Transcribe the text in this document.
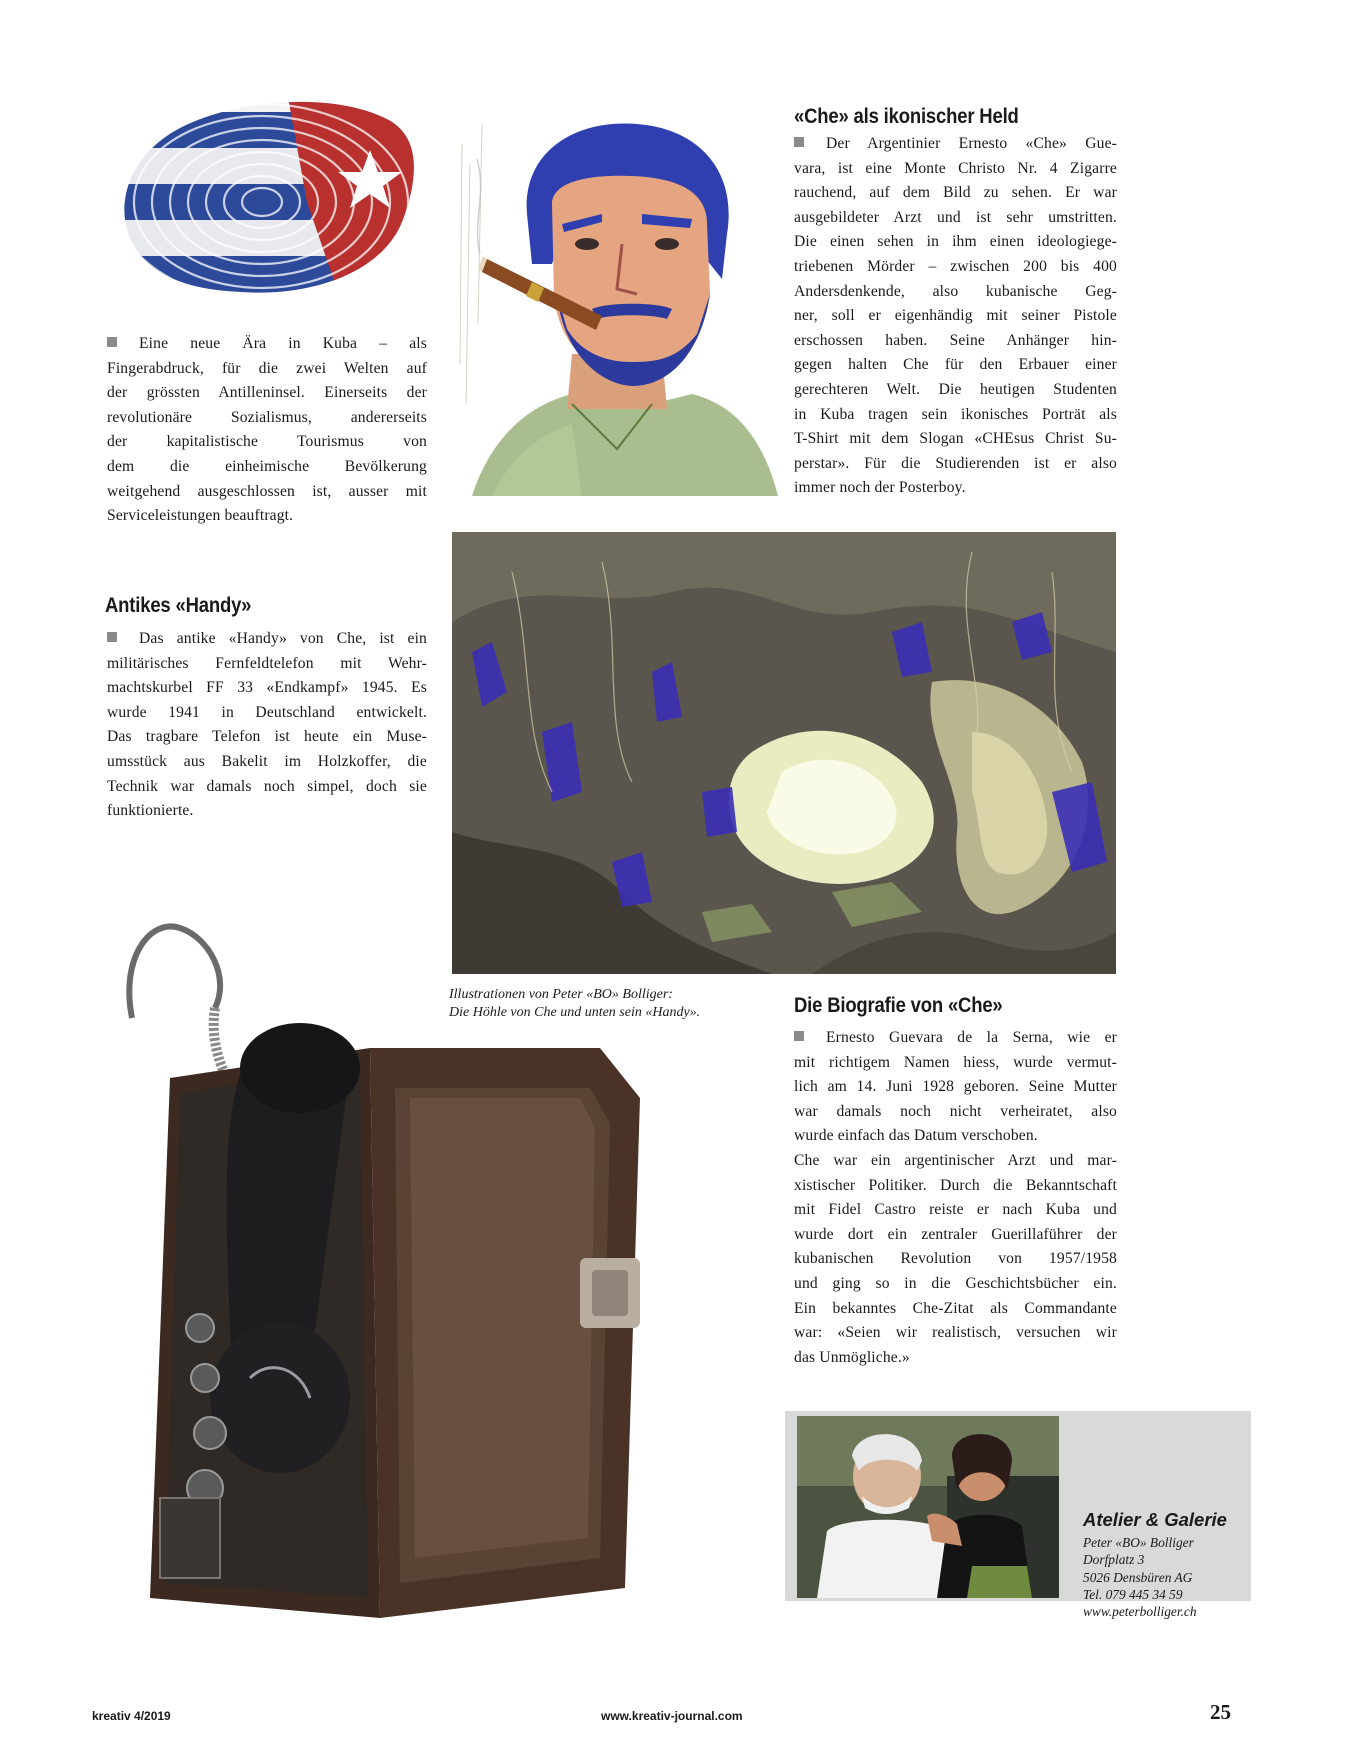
Eine neue Ära in Kuba – als
Fingerabdruck, für die zwei Welten auf
der grössten Antilleninsel. Einerseits der
revolutionäre Sozialismus, andererseits
der kapitalistische Tourismus von
dem die einheimische Bevölkerung
weitgehend ausgeschlossen ist, ausser mit
Serviceleistungen beauftragt.
«Che» als ikonischer Held
Der Argentinier Ernesto «Che» Gue-
vara, ist eine Monte Christo Nr. 4 Zigarre
rauchend, auf dem Bild zu sehen. Er war
ausgebildeter Arzt und ist sehr umstritten.
Die einen sehen in ihm einen ideologiege-
triebenen Mörder – zwischen 200 bis 400
Andersdenkende, also kubanische Geg-
ner, soll er eigenhändig mit seiner Pistole
erschossen haben. Seine Anhänger hin-
gegen halten Che für den Erbauer einer
gerechteren Welt. Die heutigen Studenten
in Kuba tragen sein ikonisches Porträt als
T-Shirt mit dem Slogan «CHEsus Christ Su-
perstar». Für die Studierenden ist er also
immer noch der Posterboy.
Antikes «Handy»
Das antike «Handy» von Che, ist ein
militärisches Fernfeldtelefon mit Wehr-
machtskurbel FF 33 «Endkampf» 1945. Es
wurde 1941 in Deutschland entwickelt.
Das tragbare Telefon ist heute ein Muse-
umsstück aus Bakelit im Holzkoffer, die
Technik war damals noch simpel, doch sie
funktionierte.
Illustrationen von Peter «BO» Bolliger:
Die Höhle von Che und unten sein «Handy».	Die Biografie von «Che»
Ernesto Guevara de la Serna, wie er
mit richtigem Namen hiess, wurde vermut-
lich am 14. Juni 1928 geboren. Seine Mutter
war damals noch nicht verheiratet, also
wurde einfach das Datum verschoben.
Che war ein argentinischer Arzt und mar-
xistischer Politiker. Durch die Bekanntschaft
mit Fidel Castro reiste er nach Kuba und
wurde dort ein zentraler Guerillaführer der
kubanischen Revolution von 1957/1958
und ging so in die Geschichtsbücher ein.
Ein bekanntes Che-Zitat als Commandante
war: «Seien wir realistisch, versuchen wir
das Unmögliche.»
Atelier & Galerie
Peter «BO» Bolliger
Dorfplatz 3
5026 Densbüren AG
Tel. 079 445 34 59
www.peterbolliger.ch
kreativ 4/2019	www.kreativ-journal.com	25
